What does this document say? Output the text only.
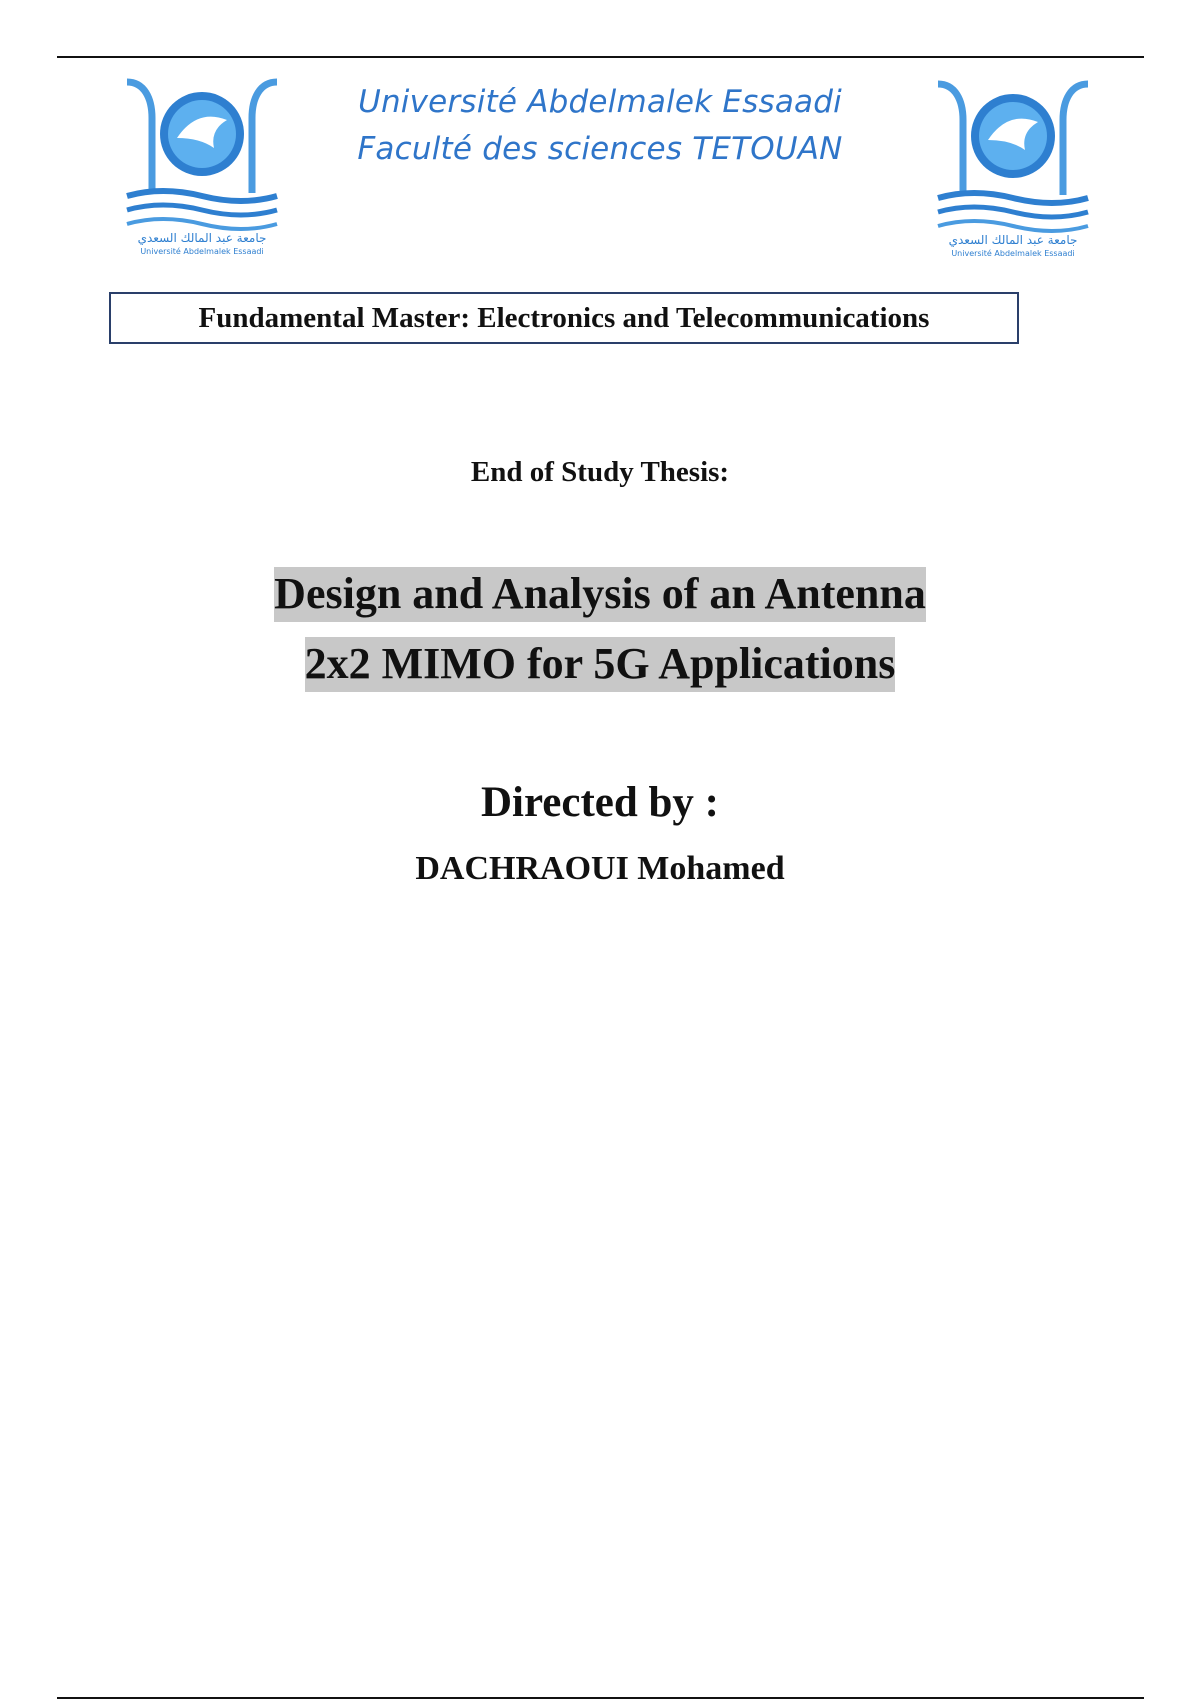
جامعة عبد المالك السعدي
Université Abdelmalek Essaadi
جامعة عبد المالك السعدي
Université Abdelmalek Essaadi
Université Abdelmalek Essaadi
Faculté des sciences TETOUAN
Fundamental Master: Electronics and Telecommunications
End of Study Thesis:
Design and Analysis of an Antenna
2x2 MIMO for 5G Applications
Directed by :
DACHRAOUI Mohamed
